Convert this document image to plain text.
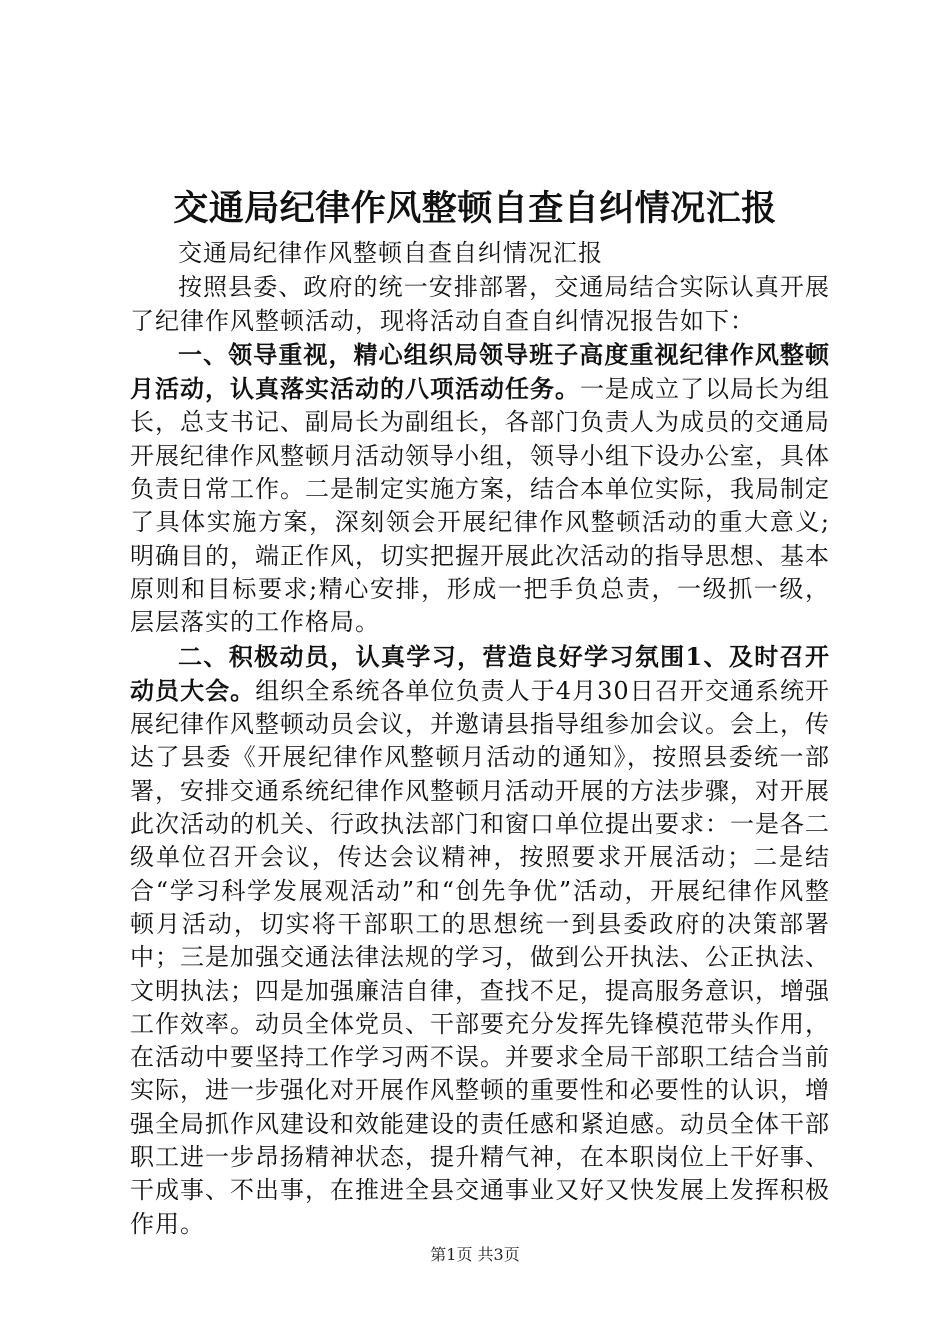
交通局纪律作风整顿自查自纠情况汇报

交通局纪律作风整顿自查自纠情况汇报

按照县委、政府的统一安排部署，交通局结合实际认真开展了纪律作风整顿活动，现将活动自查自纠情况报告如下：

一、领导重视，精心组织局领导班子高度重视纪律作风整顿月活动，认真落实活动的八项活动任务。一是成立了以局长为组长，总支书记、副局长为副组长，各部门负责人为成员的交通局开展纪律作风整顿月活动领导小组，领导小组下设办公室，具体负责日常工作。二是制定实施方案，结合本单位实际，我局制定了具体实施方案，深刻领会开展纪律作风整顿活动的重大意义;明确目的，端正作风，切实把握开展此次活动的指导思想、基本原则和目标要求;精心安排，形成一把手负总责，一级抓一级，层层落实的工作格局。

二、积极动员，认真学习，营造良好学习氛围1、及时召开动员大会。组织全系统各单位负责人于4月30日召开交通系统开展纪律作风整顿动员会议，并邀请县指导组参加会议。会上，传达了县委《开展纪律作风整顿月活动的通知》，按照县委统一部署，安排交通系统纪律作风整顿月活动开展的方法步骤，对开展此次活动的机关、行政执法部门和窗口单位提出要求：一是各二级单位召开会议，传达会议精神，按照要求开展活动；二是结合“学习科学发展观活动”和“创先争优”活动，开展纪律作风整顿月活动，切实将干部职工的思想统一到县委政府的决策部署中；三是加强交通法律法规的学习，做到公开执法、公正执法、文明执法；四是加强廉洁自律，查找不足，提高服务意识，增强工作效率。动员全体党员、干部要充分发挥先锋模范带头作用，在活动中要坚持工作学习两不误。并要求全局干部职工结合当前实际，进一步强化对开展作风整顿的重要性和必要性的认识，增强全局抓作风建设和效能建设的责任感和紧迫感。动员全体干部职工进一步昂扬精神状态，提升精气神，在本职岗位上干好事、干成事、不出事，在推进全县交通事业又好又快发展上发挥积极作用。

第1页 共3页
